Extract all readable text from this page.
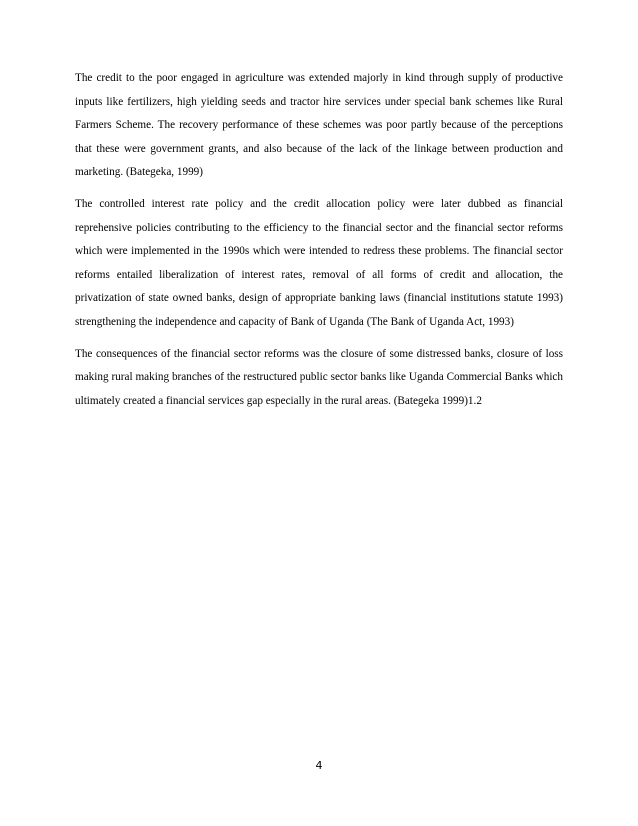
The credit to the poor engaged in agriculture was extended majorly in kind through supply of productive inputs like fertilizers, high yielding seeds and tractor hire services under special bank schemes like Rural Farmers Scheme. The recovery performance of these schemes was poor partly because of the perceptions that these were government grants, and also because of the lack of the linkage between production and marketing. (Bategeka, 1999)

The controlled interest rate policy and the credit allocation policy were later dubbed as financial reprehensive policies contributing to the efficiency to the financial sector and the financial sector reforms which were implemented in the 1990s which were intended to redress these problems. The financial sector reforms entailed liberalization of interest rates, removal of all forms of credit and allocation, the privatization of state owned banks, design of appropriate banking laws (financial institutions statute 1993) strengthening the independence and capacity of Bank of Uganda (The Bank of Uganda Act, 1993)

The consequences of the financial sector reforms was the closure of some distressed banks, closure of loss making rural making branches of the restructured public sector banks like Uganda Commercial Banks which ultimately created a financial services gap especially in the rural areas. (Bategeka 1999)1.2

4
